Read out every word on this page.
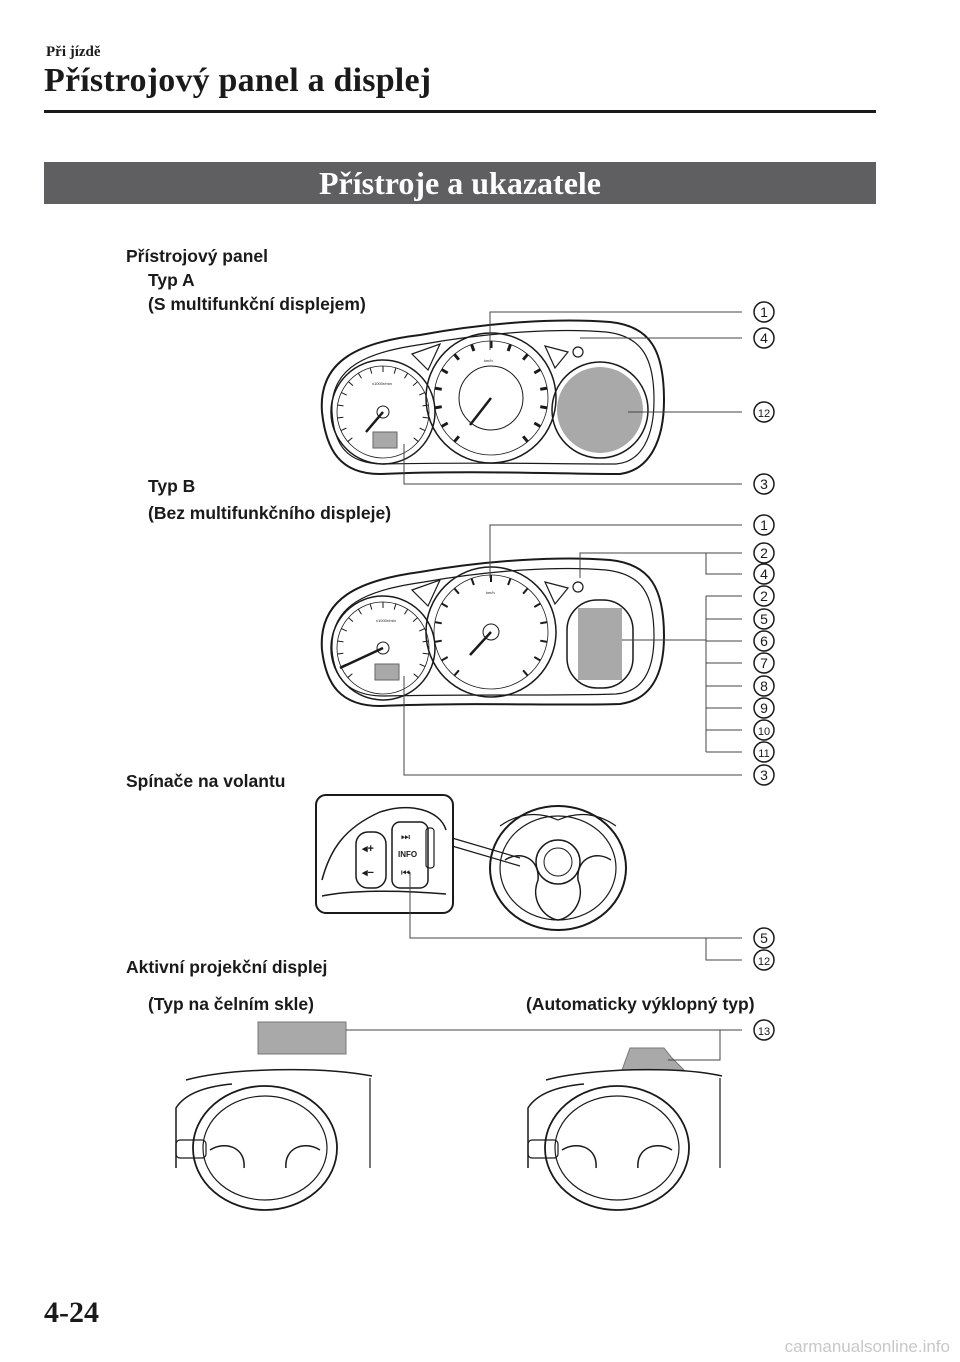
Při jízdě
Přístrojový panel a displej
Přístroje a ukazatele
Přístrojový panel
Typ A
(S multifunkční displejem)
Typ B
(Bez multifunkčního displeje)
Spínače na volantu
Aktivní projekční displej
(Typ na čelním skle)	(Automaticky výklopný typ)
x1000r/min
km/h
x1000r/min
km/h
◂+
◂−
⏭
INFO
⏮
1
4
12
3
1
2
4
2
5
6
7
8
9
10
11
3
5
12
13
4-24
carmanualsonline.info
